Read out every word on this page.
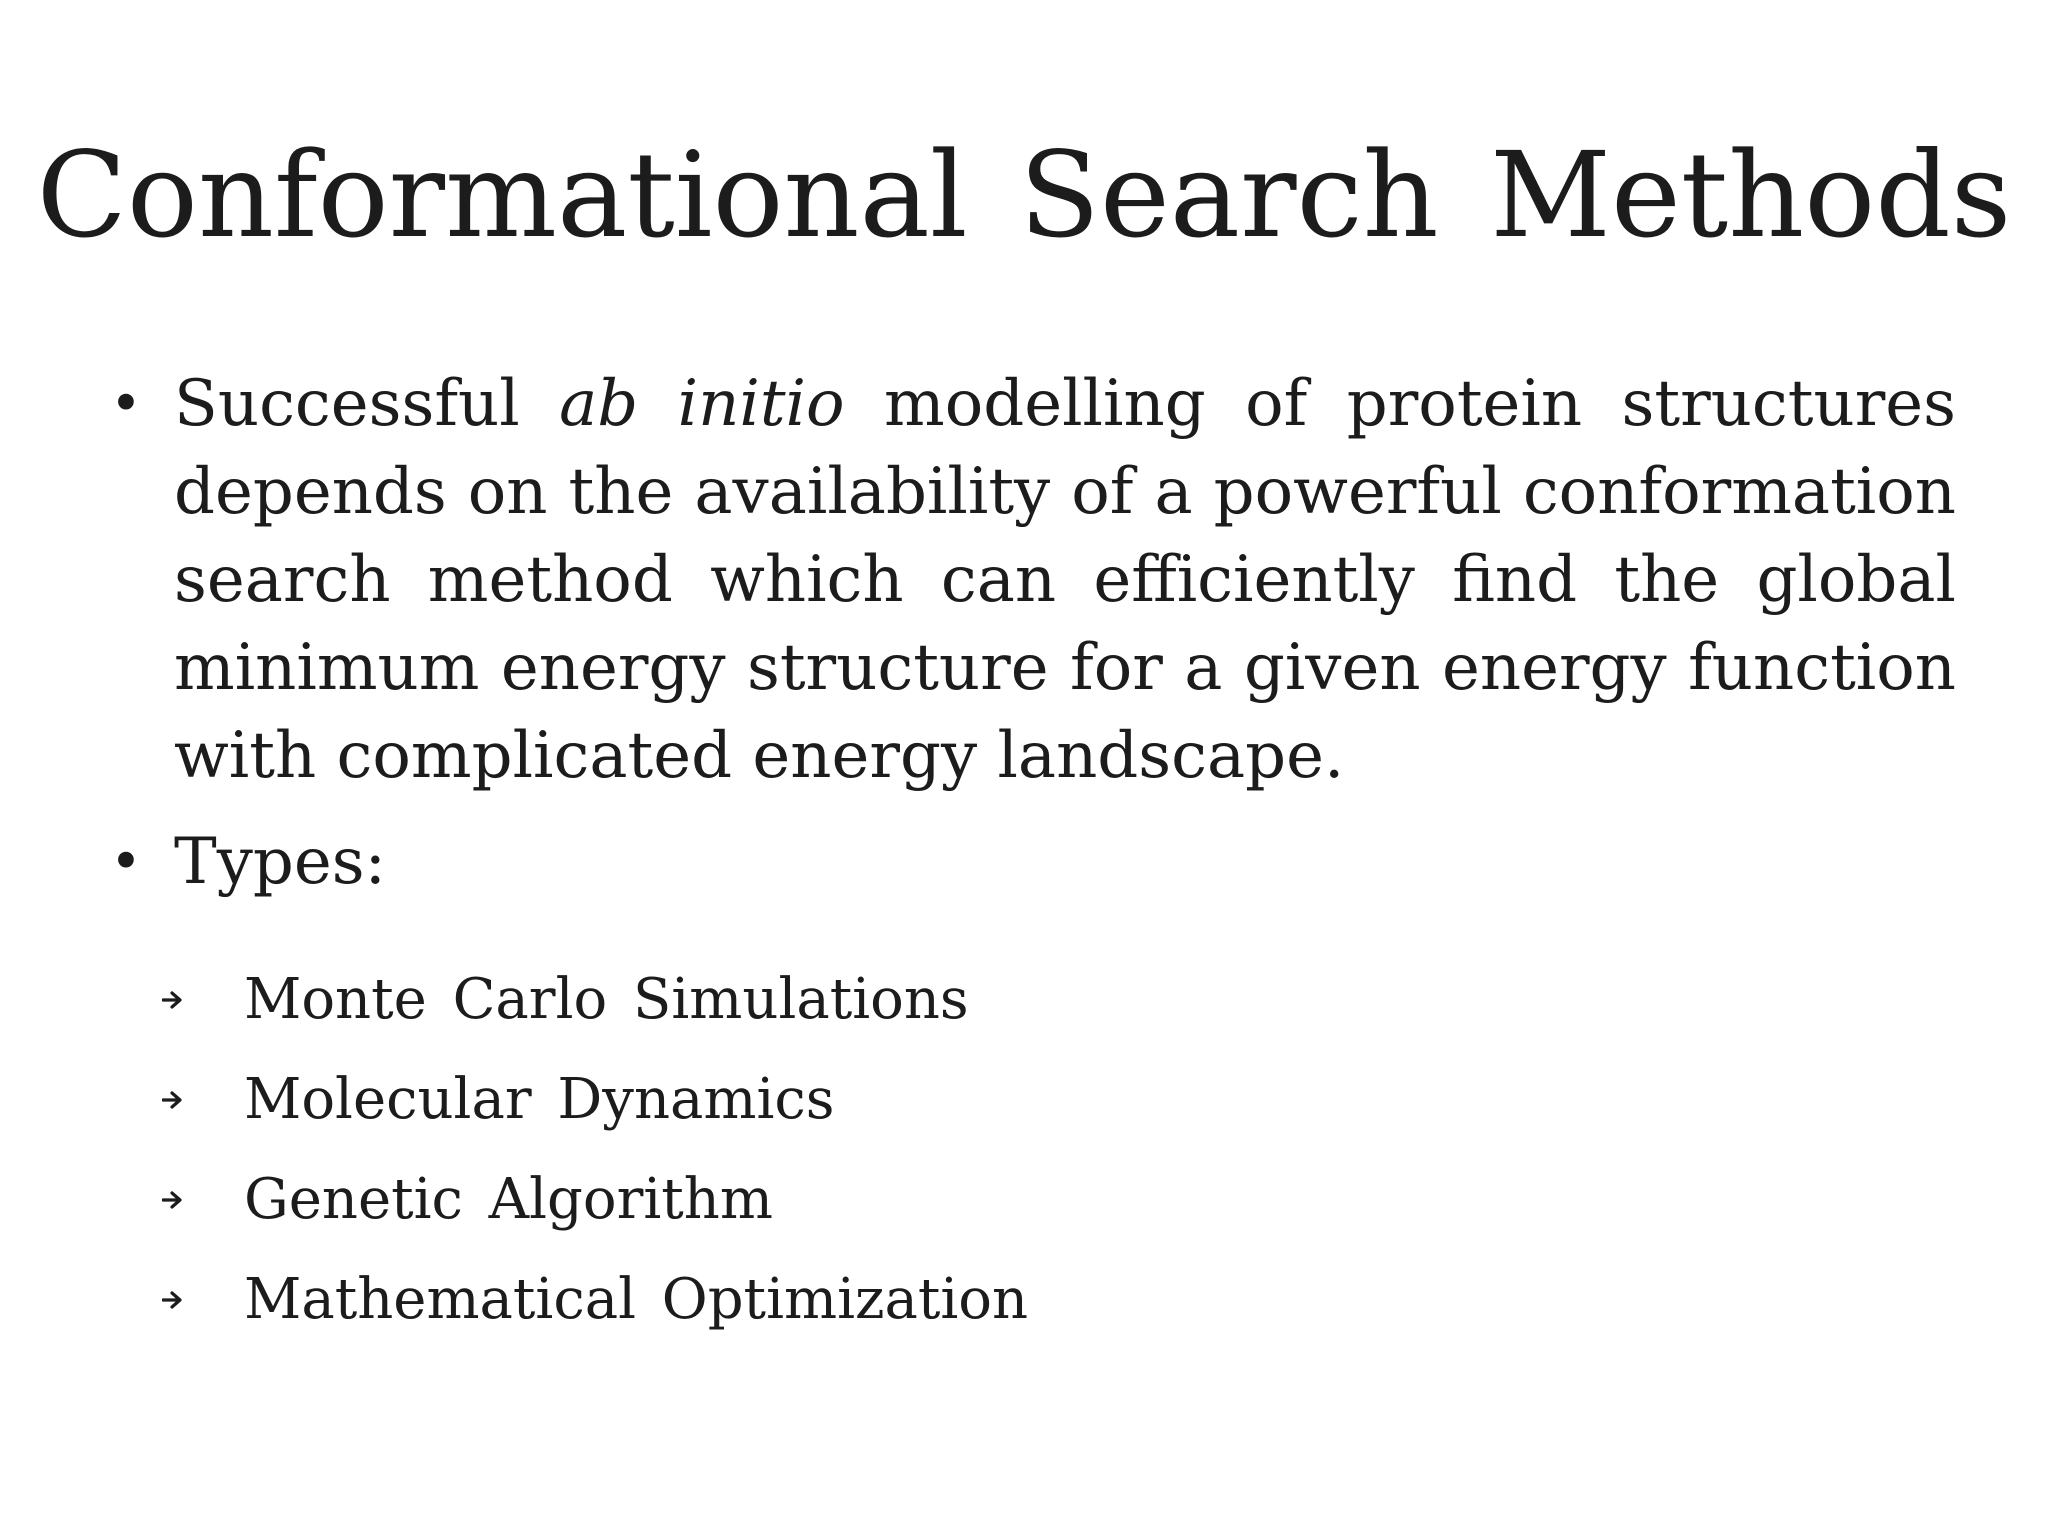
Conformational Search Methods

• Successful ab initio modelling of protein structures depends on the availability of a powerful conformation search method which can efficiently find the global minimum energy structure for a given energy function with complicated energy landscape.

• Types:

Monte Carlo Simulations
Molecular Dynamics
Genetic Algorithm
Mathematical Optimization
